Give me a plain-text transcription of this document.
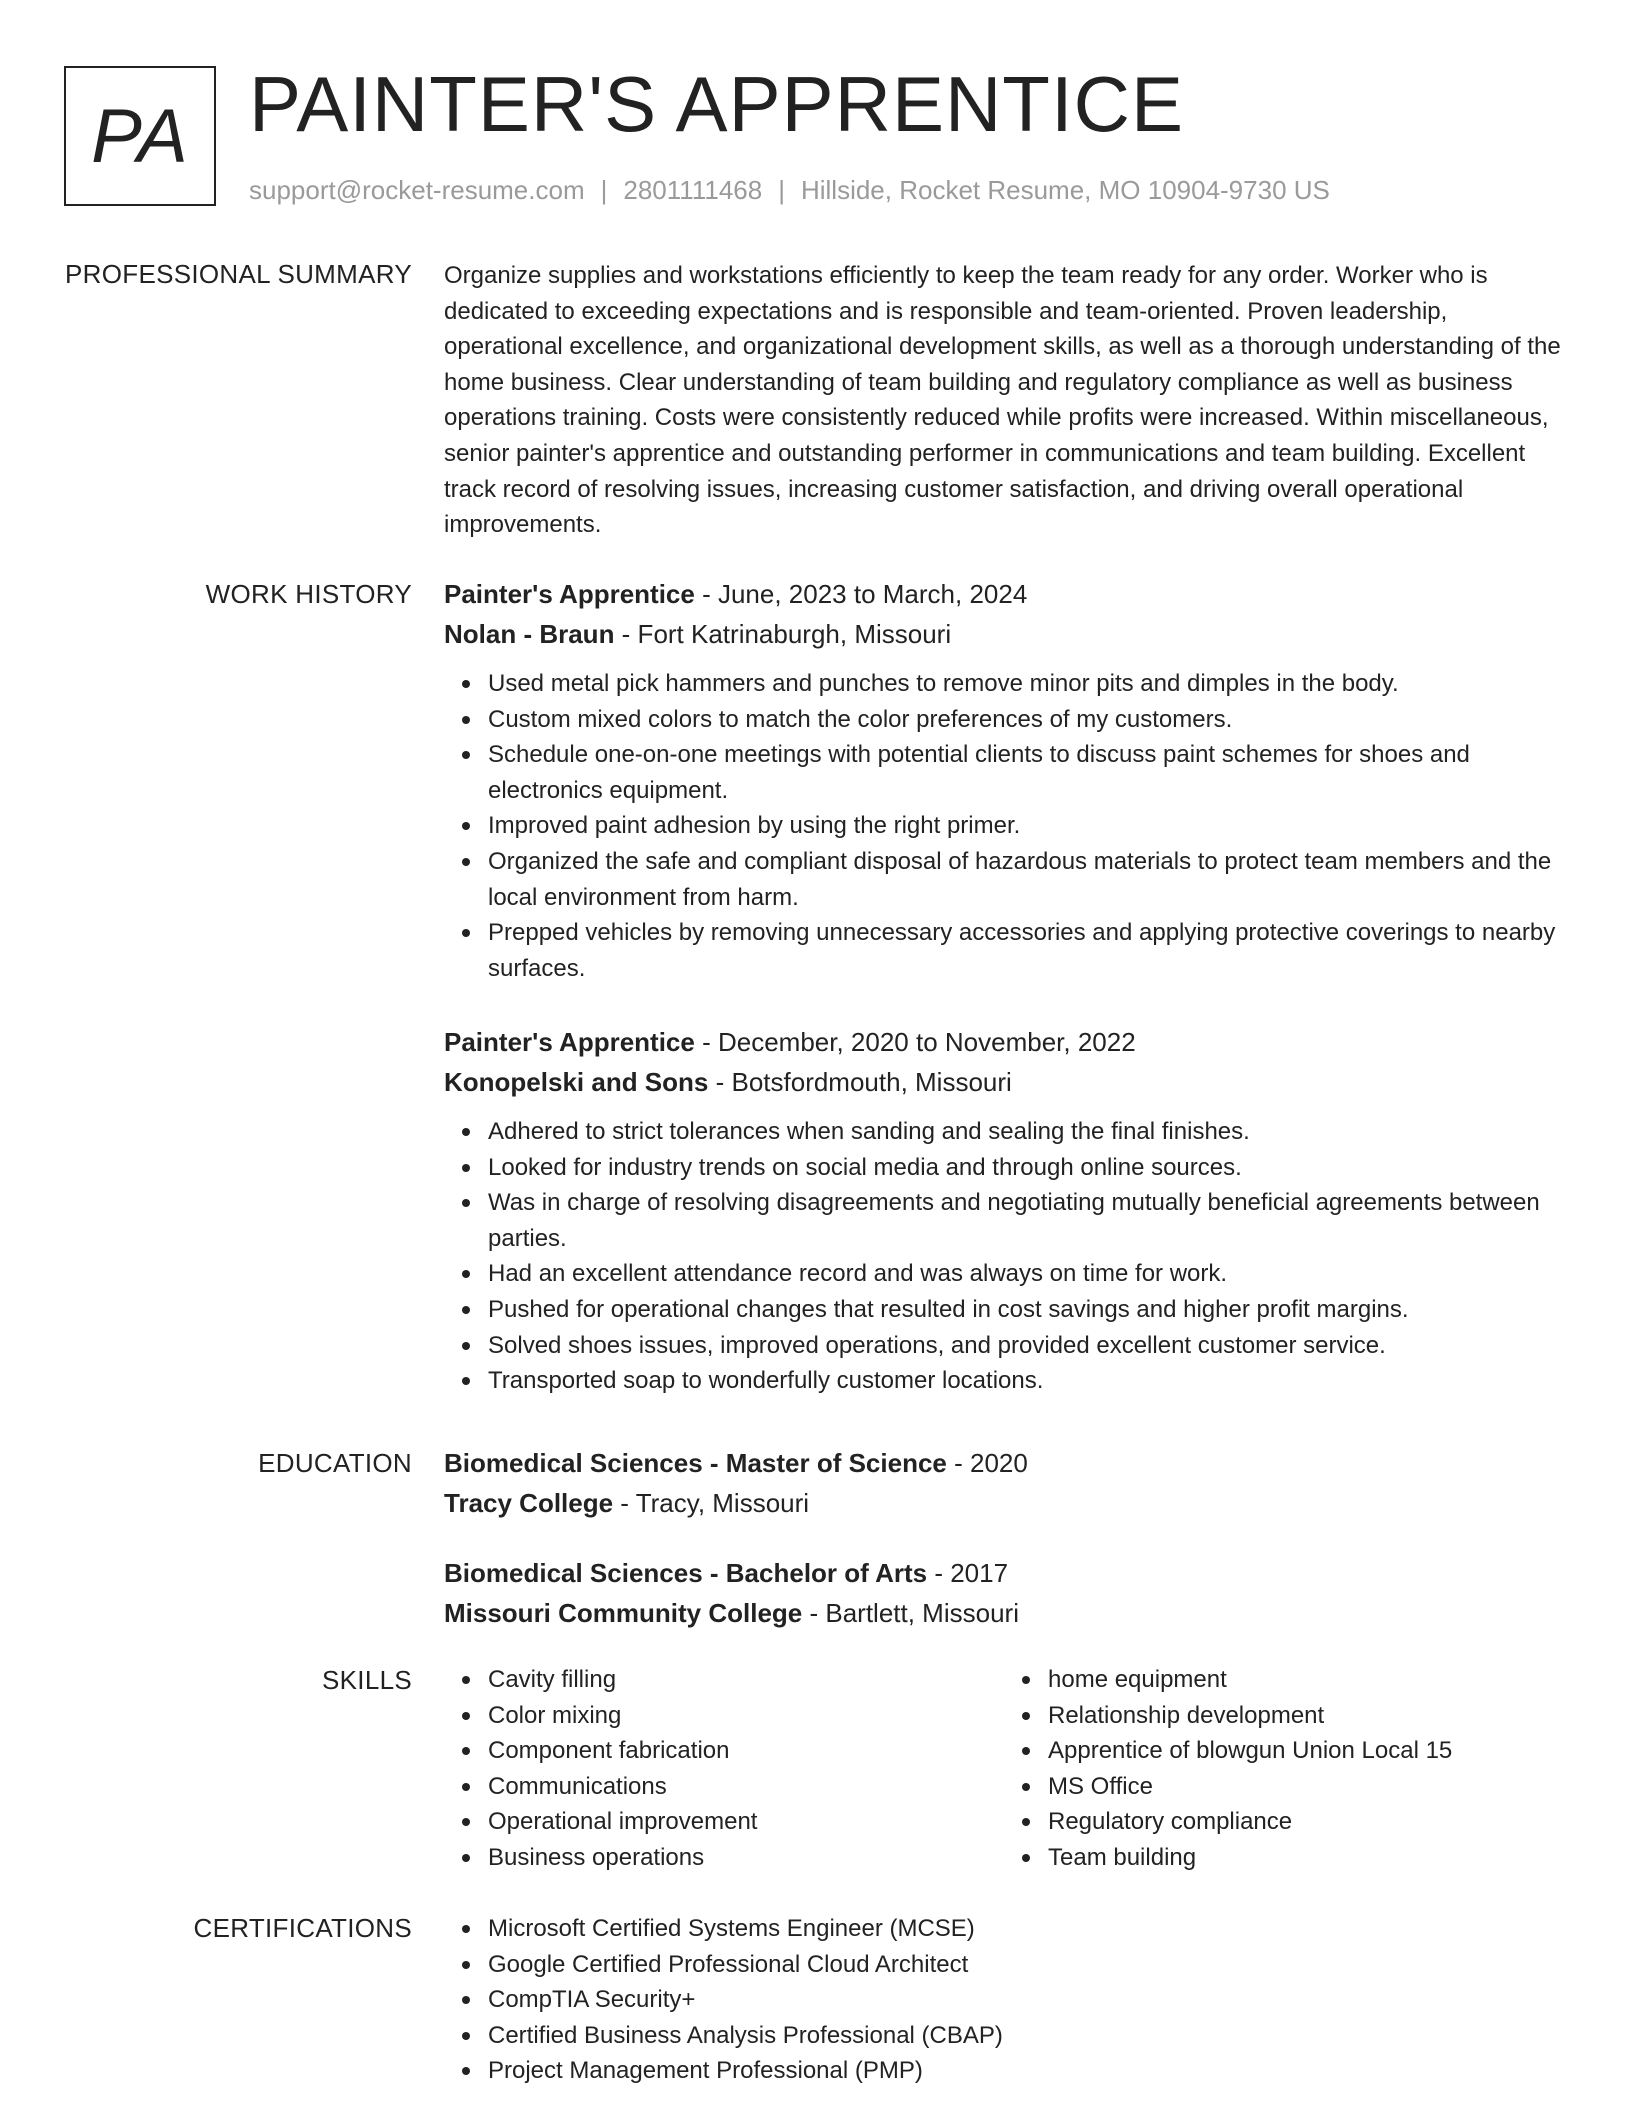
PA PAINTER'S APPRENTICE
support@rocket-resume.com | 2801111468 | Hillside, Rocket Resume, MO 10904-9730 US
PROFESSIONAL SUMMARY Organize supplies and workstations efficiently to keep the team ready for any order. Worker who is dedicated to exceeding expectations and is responsible and team-oriented. Proven leadership, operational excellence, and organizational development skills, as well as a thorough understanding of the home business. Clear understanding of team building and regulatory compliance as well as business operations training. Costs were consistently reduced while profits were increased. Within miscellaneous, senior painter's apprentice and outstanding performer in communications and team building. Excellent track record of resolving issues, increasing customer satisfaction, and driving overall operational improvements.

WORK HISTORY Painter's Apprentice - June, 2023 to March, 2024
Nolan - Braun - Fort Katrinaburgh, Missouri
Used metal pick hammers and punches to remove minor pits and dimples in the body.
Custom mixed colors to match the color preferences of my customers.
Schedule one-on-one meetings with potential clients to discuss paint schemes for shoes and electronics equipment.
Improved paint adhesion by using the right primer.
Organized the safe and compliant disposal of hazardous materials to protect team members and the local environment from harm.
Prepped vehicles by removing unnecessary accessories and applying protective coverings to nearby surfaces.
Painter's Apprentice - December, 2020 to November, 2022
Konopelski and Sons - Botsfordmouth, Missouri
Adhered to strict tolerances when sanding and sealing the final finishes.
Looked for industry trends on social media and through online sources.
Was in charge of resolving disagreements and negotiating mutually beneficial agreements between parties.
Had an excellent attendance record and was always on time for work.
Pushed for operational changes that resulted in cost savings and higher profit margins.
Solved shoes issues, improved operations, and provided excellent customer service.
Transported soap to wonderfully customer locations.
EDUCATION Biomedical Sciences - Master of Science - 2020
Tracy College - Tracy, Missouri
Biomedical Sciences - Bachelor of Arts - 2017
Missouri Community College - Bartlett, Missouri
SKILLS	Cavity filling
Color mixing
Component fabrication
Communications
Operational improvement
Business operations
home equipment
Relationship development
Apprentice of blowgun Union Local 15
MS Office
Regulatory compliance
Team building
CERTIFICATIONS	Microsoft Certified Systems Engineer (MCSE)
Google Certified Professional Cloud Architect
CompTIA Security+
Certified Business Analysis Professional (CBAP)
Project Management Professional (PMP)
